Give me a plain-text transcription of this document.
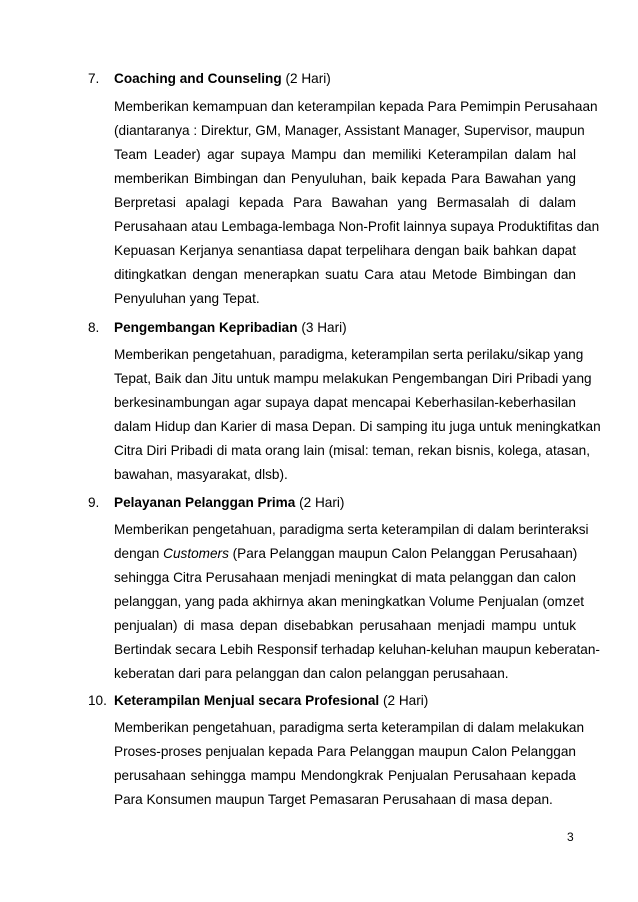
7. Coaching and Counseling (2 Hari)
Memberikan kemampuan dan keterampilan kepada Para Pemimpin Perusahaan
(diantaranya : Direktur, GM, Manager, Assistant Manager, Supervisor, maupun
Team Leader) agar supaya Mampu dan memiliki Keterampilan dalam hal
memberikan Bimbingan dan Penyuluhan, baik kepada Para Bawahan yang
Berpretasi apalagi kepada Para Bawahan yang Bermasalah di dalam
Perusahaan atau Lembaga-lembaga Non-Profit lainnya supaya Produktifitas dan
Kepuasan Kerjanya senantiasa dapat terpelihara dengan baik bahkan dapat
ditingkatkan dengan menerapkan suatu Cara atau Metode Bimbingan dan
Penyuluhan yang Tepat.
8. Pengembangan Kepribadian (3 Hari)
Memberikan pengetahuan, paradigma, keterampilan serta perilaku/sikap yang
Tepat, Baik dan Jitu untuk mampu melakukan Pengembangan Diri Pribadi yang
berkesinambungan agar supaya dapat mencapai Keberhasilan-keberhasilan
dalam Hidup dan Karier di masa Depan. Di samping itu juga untuk meningkatkan
Citra Diri Pribadi di mata orang lain (misal: teman, rekan bisnis, kolega, atasan,
bawahan, masyarakat, dlsb).
9. Pelayanan Pelanggan Prima (2 Hari)
Memberikan pengetahuan, paradigma serta keterampilan di dalam berinteraksi
dengan Customers (Para Pelanggan maupun Calon Pelanggan Perusahaan)
sehingga Citra Perusahaan menjadi meningkat di mata pelanggan dan calon
pelanggan, yang pada akhirnya akan meningkatkan Volume Penjualan (omzet
penjualan) di masa depan disebabkan perusahaan menjadi mampu untuk
Bertindak secara Lebih Responsif terhadap keluhan-keluhan maupun keberatan-
keberatan dari para pelanggan dan calon pelanggan perusahaan.
10. Keterampilan Menjual secara Profesional (2 Hari)
Memberikan pengetahuan, paradigma serta keterampilan di dalam melakukan
Proses-proses penjualan kepada Para Pelanggan maupun Calon Pelanggan
perusahaan sehingga mampu Mendongkrak Penjualan Perusahaan kepada
Para Konsumen maupun Target Pemasaran Perusahaan di masa depan.
3
